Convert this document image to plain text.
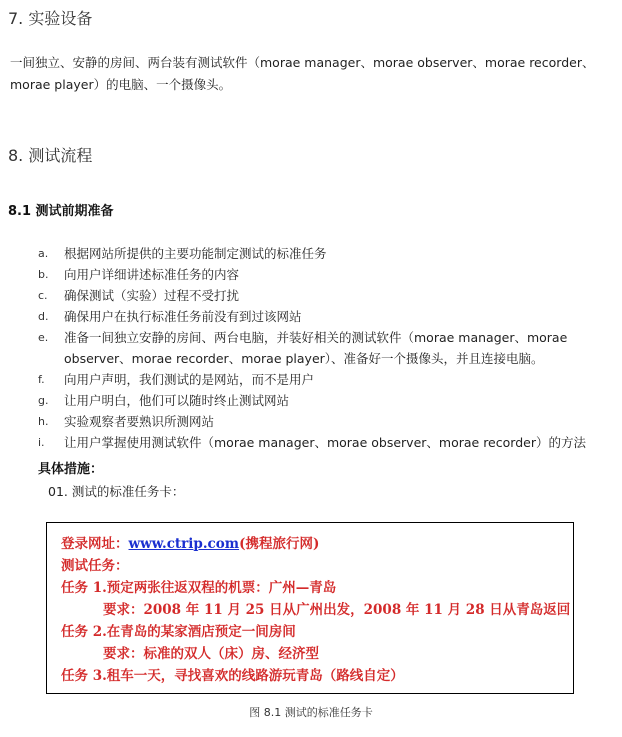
7. 实验设备
一间独立、安静的房间、两台装有测试软件（morae manager、morae observer、morae recorder、morae player）的电脑、一个摄像头。
8. 测试流程
8.1 测试前期准备
a. 根据网站所提供的主要功能制定测试的标准任务
b. 向用户详细讲述标准任务的内容
c. 确保测试（实验）过程不受打扰
d. 确保用户在执行标准任务前没有到过该网站
e. 准备一间独立安静的房间、两台电脑，并装好相关的测试软件（morae manager、morae observer、morae recorder、morae player）、准备好一个摄像头，并且连接电脑。
f. 向用户声明，我们测试的是网站，而不是用户
g. 让用户明白，他们可以随时终止测试网站
h. 实验观察者要熟识所测网站
i. 让用户掌握使用测试软件（morae manager、morae observer、morae recorder）的方法
具体措施：
01. 测试的标准任务卡：
登录网址：www.ctrip.com(携程旅行网)
测试任务：
任务 1.预定两张往返双程的机票：广州—青岛
要求：2008 年 11 月 25 日从广州出发，2008 年 11 月 28 日从青岛返回
任务 2.在青岛的某家酒店预定一间房间
要求：标准的双人（床）房、经济型
任务 3.租车一天，寻找喜欢的线路游玩青岛（路线自定）
图 8.1 测试的标准任务卡
